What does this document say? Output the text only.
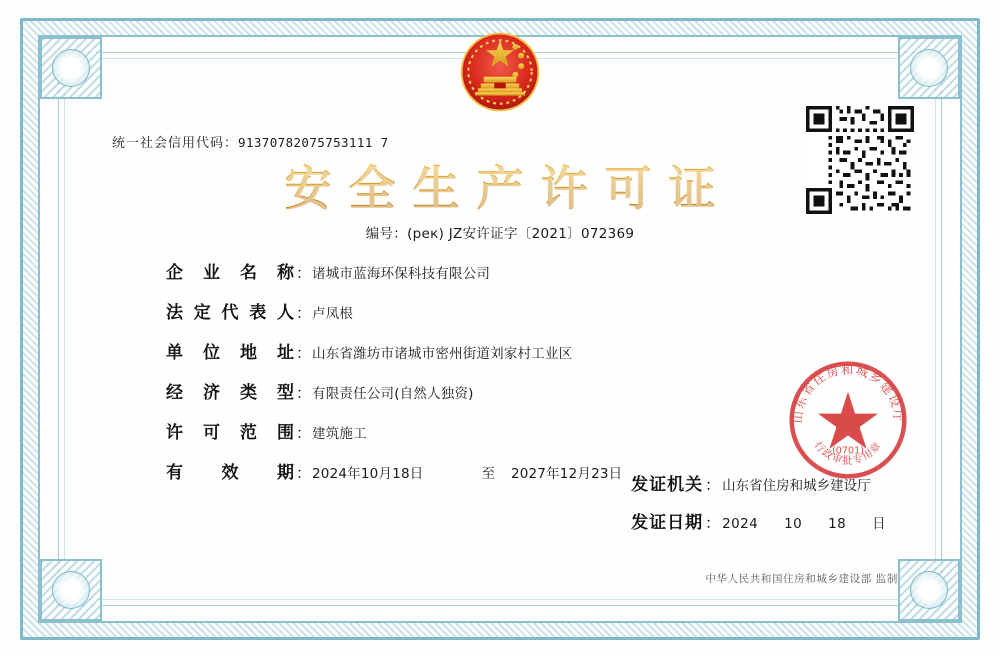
统一社会信用代码：91370782075753111 7
安全生产许可证
编号：(рек) JZ安许证字〔2021〕072369
企 业 名 称 ： 诸城市蓝海环保科技有限公司
法 定 代 表 人 ： 卢凤根
单 位 地 址 ： 山东省潍坊市诸城市密州街道刘家村工业区
经 济 类 型 ： 有限责任公司(自然人独资)
许 可 范 围 ： 建筑施工
有 效 期 ： 2024年10月18日	至 2027年12月23日
发证机关 ： 山东省住房和城乡建设厅
发证日期 ： 2024 10 18 日
中华人民共和国住房和城乡建设部 监制
山东省住房和城乡建设厅
行政审批专用章
(0701)
